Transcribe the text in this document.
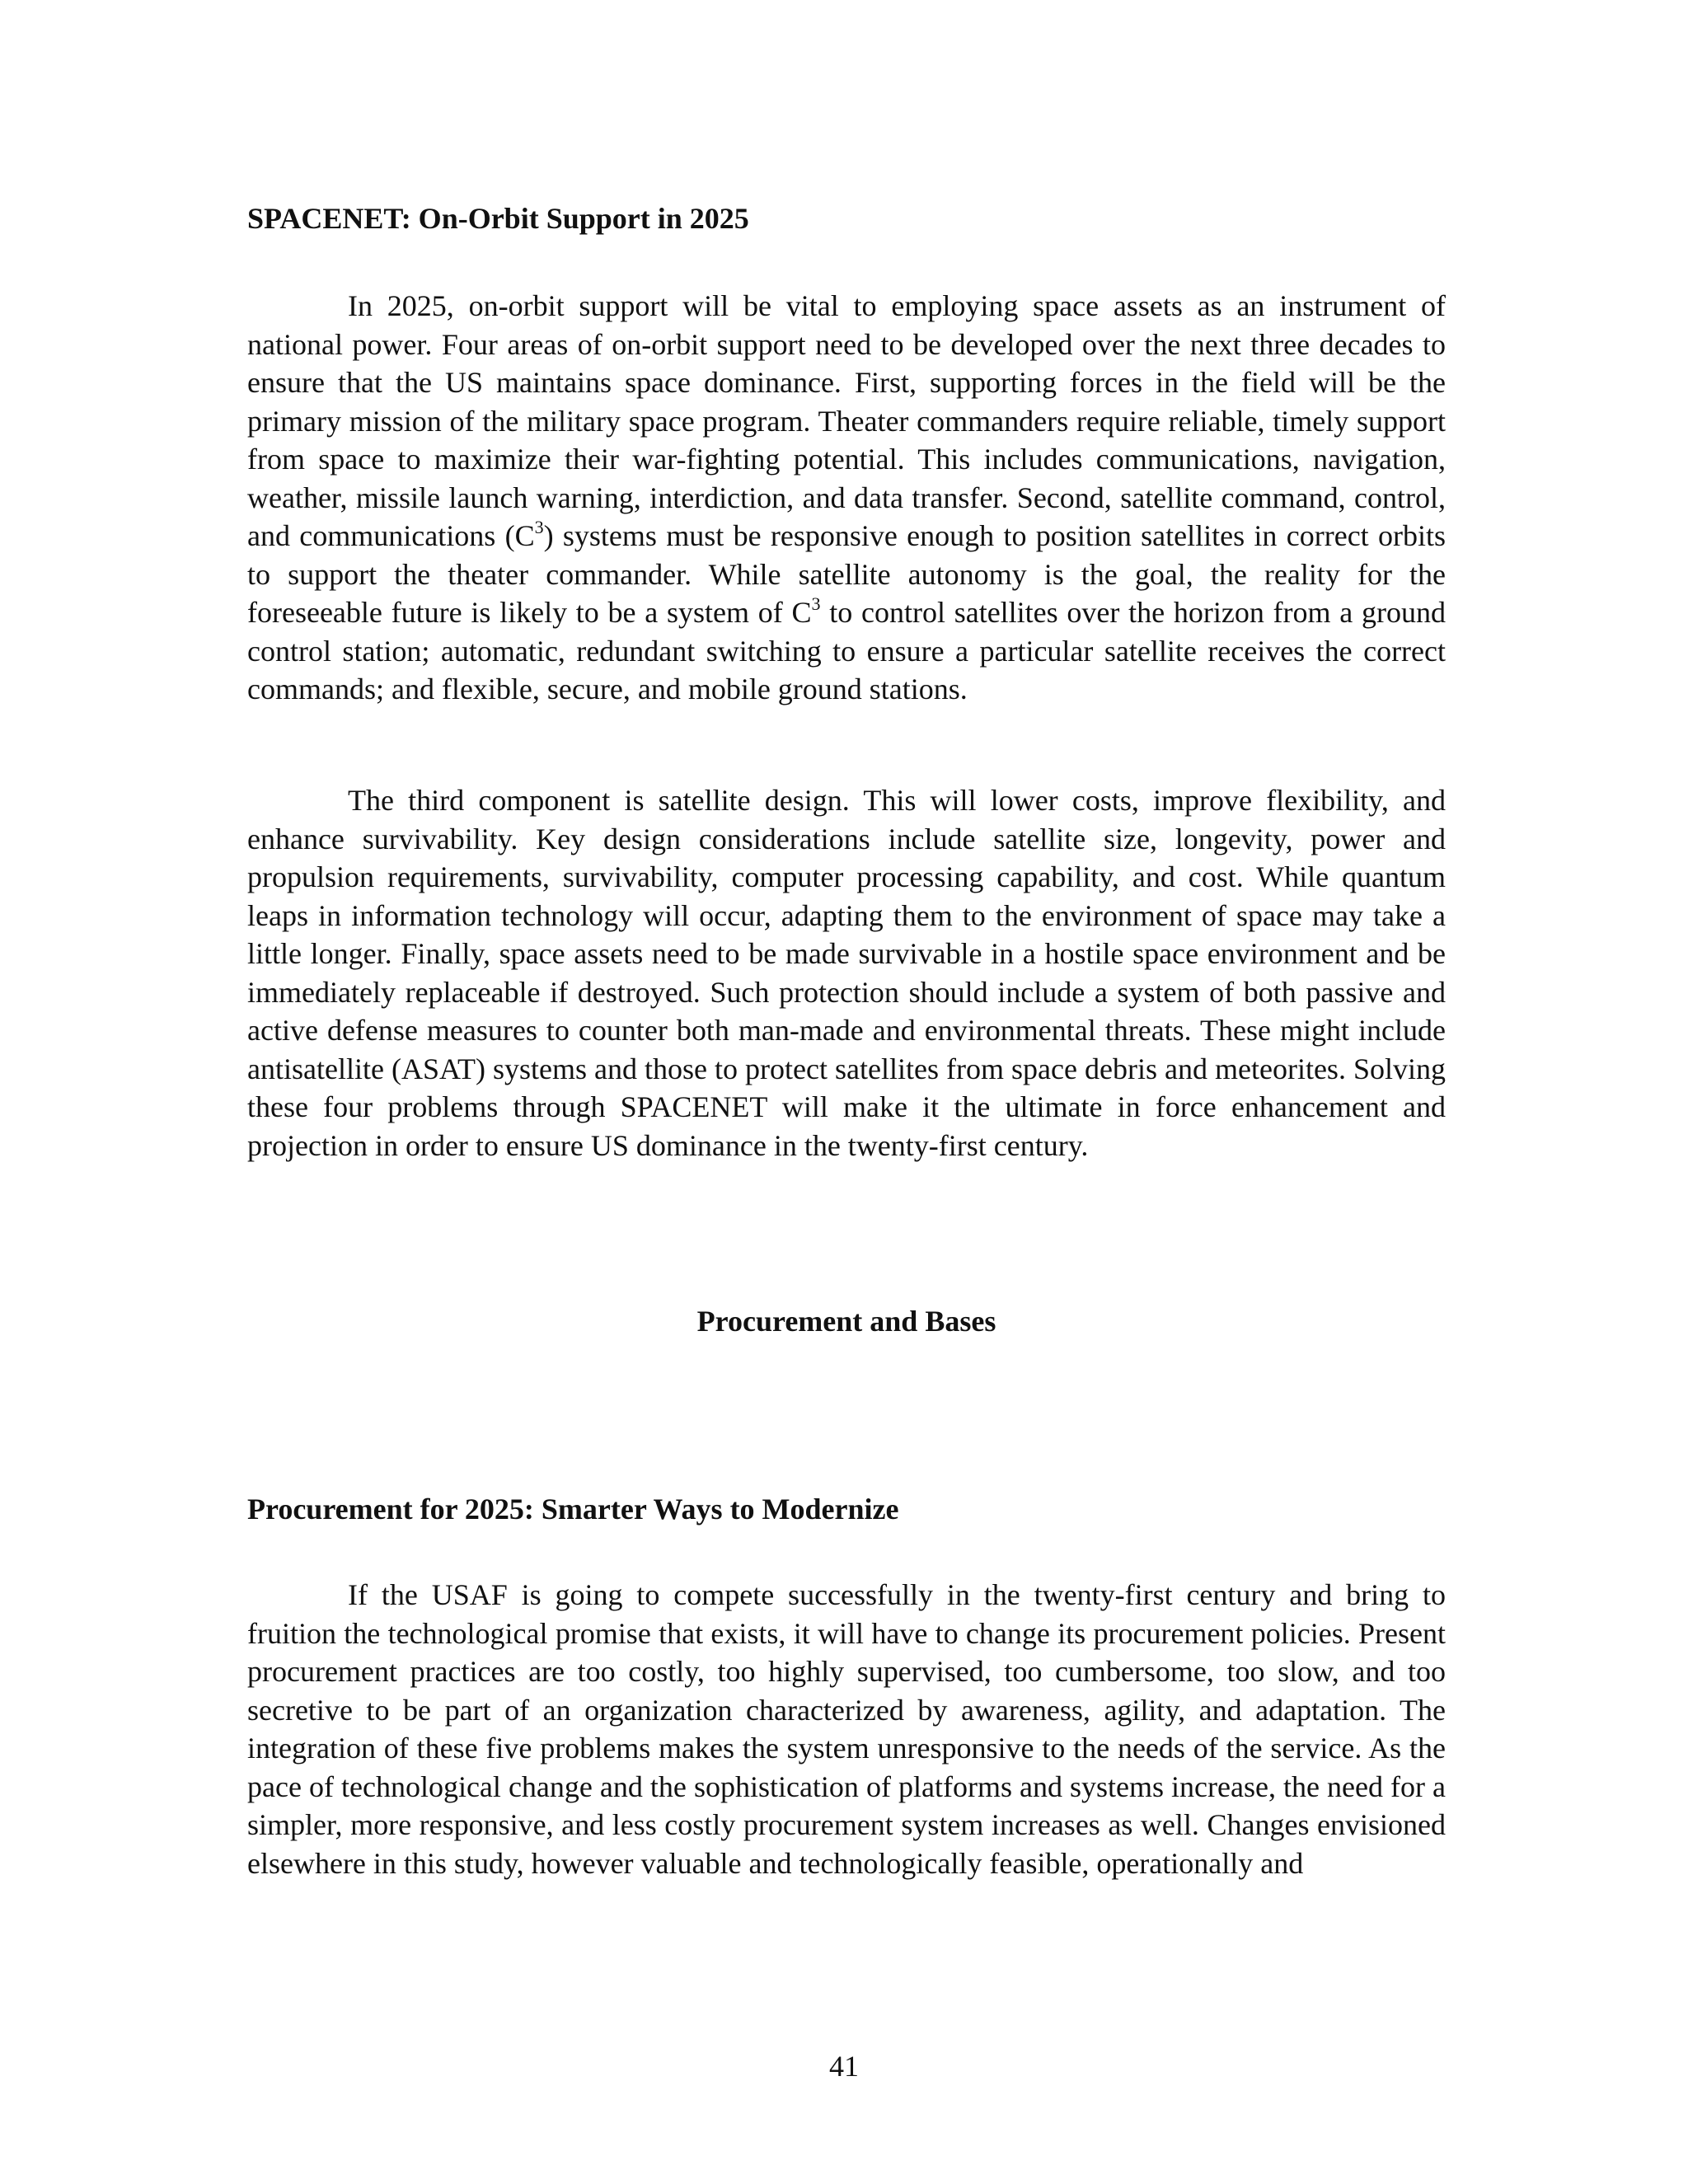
SPACENET: On-Orbit Support in 2025

In 2025, on-orbit support will be vital to employing space assets as an instrument of national power. Four areas of on-orbit support need to be developed over the next three decades to ensure that the US maintains space dominance. First, supporting forces in the field will be the primary mission of the military space program. Theater commanders require reliable, timely support from space to maximize their war-fighting potential. This includes communications, navigation, weather, missile launch warning, interdiction, and data transfer. Second, satellite command, control, and communications $(C^3)$ systems must be responsive enough to position satellites in correct orbits to support the theater commander. While satellite autonomy is the goal, the reality for the foreseeable future is likely to be a system of $C^3$ to control satellites over the horizon from a ground control station; automatic, redundant switching to ensure a particular satellite receives the correct commands; and flexible, secure, and mobile ground stations.

The third component is satellite design. This will lower costs, improve flexibility, and enhance survivability. Key design considerations include satellite size, longevity, power and propulsion requirements, survivability, computer processing capability, and cost. While quantum leaps in information technology will occur, adapting them to the environment of space may take a little longer. Finally, space assets need to be made survivable in a hostile space environment and be immediately replaceable if destroyed. Such protection should include a system of both passive and active defense measures to counter both man-made and environmental threats. These might include antisatellite (ASAT) systems and those to protect satellites from space debris and meteorites. Solving these four problems through SPACENET will make it the ultimate in force enhancement and projection in order to ensure US dominance in the twenty-first century.

Procurement and Bases
Procurement for 2025: Smarter Ways to Modernize

If the USAF is going to compete successfully in the twenty-first century and bring to fruition the technological promise that exists, it will have to change its procurement policies. Present procurement practices are too costly, too highly supervised, too cumbersome, too slow, and too secretive to be part of an organization characterized by awareness, agility, and adaptation. The integration of these five problems makes the system unresponsive to the needs of the service. As the pace of technological change and the sophistication of platforms and systems increase, the need for a simpler, more responsive, and less costly procurement system increases as well. Changes envisioned elsewhere in this study, however valuable and technologically feasible, operationally and

41
